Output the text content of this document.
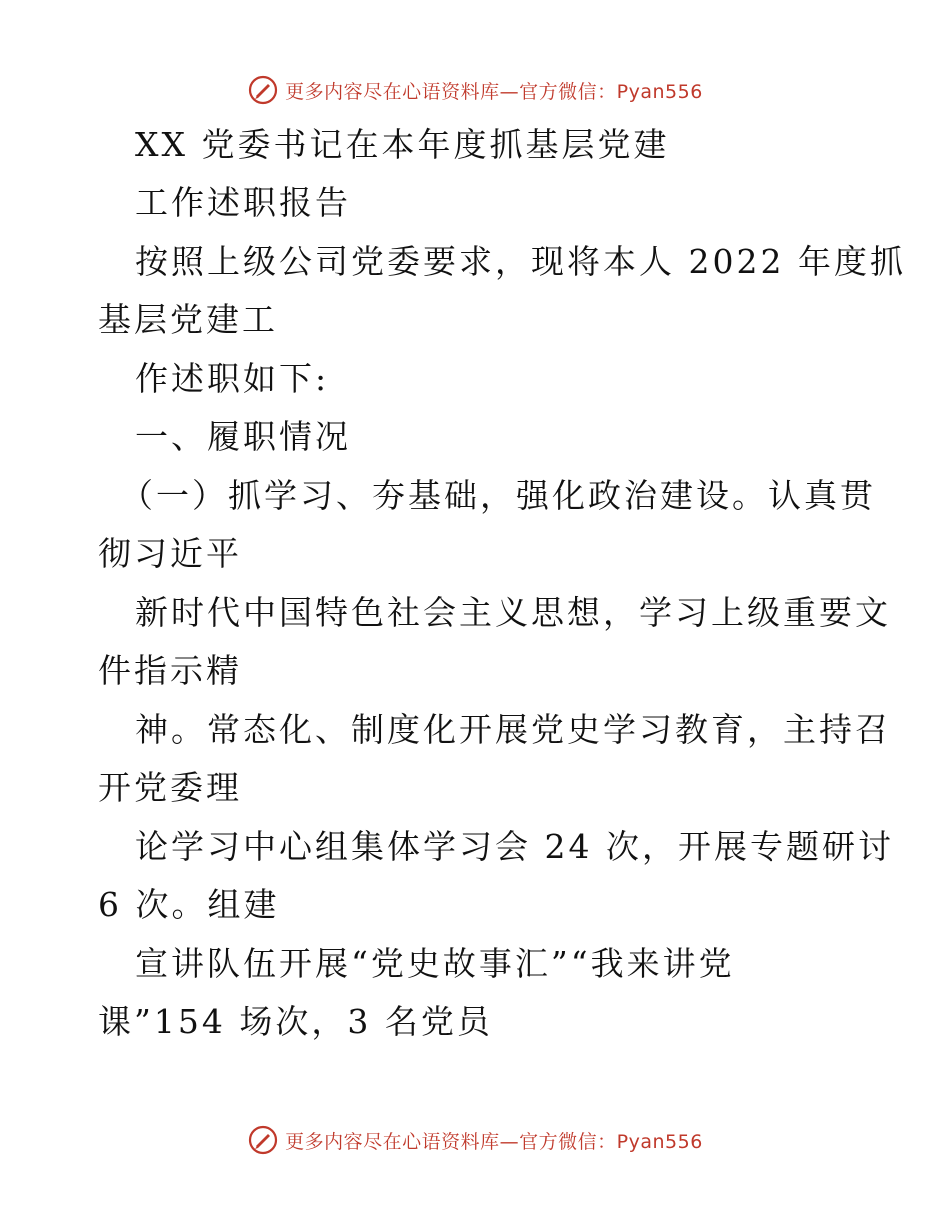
更多内容尽在心语资料库—官方微信：Pyan556
XX 党委书记在本年度抓基层党建
工作述职报告
按照上级公司党委要求，现将本人 2022 年度抓
基层党建工
作述职如下:
一、履职情况
（一）抓学习、夯基础，强化政治建设。认真贯
彻习近平
新时代中国特色社会主义思想，学习上级重要文
件指示精
神。常态化、制度化开展党史学习教育，主持召
开党委理
论学习中心组集体学习会 24 次，开展专题研讨
6 次。组建
宣讲队伍开展“党史故事汇”“我来讲党
课”154 场次，3 名党员
更多内容尽在心语资料库—官方微信：Pyan556
